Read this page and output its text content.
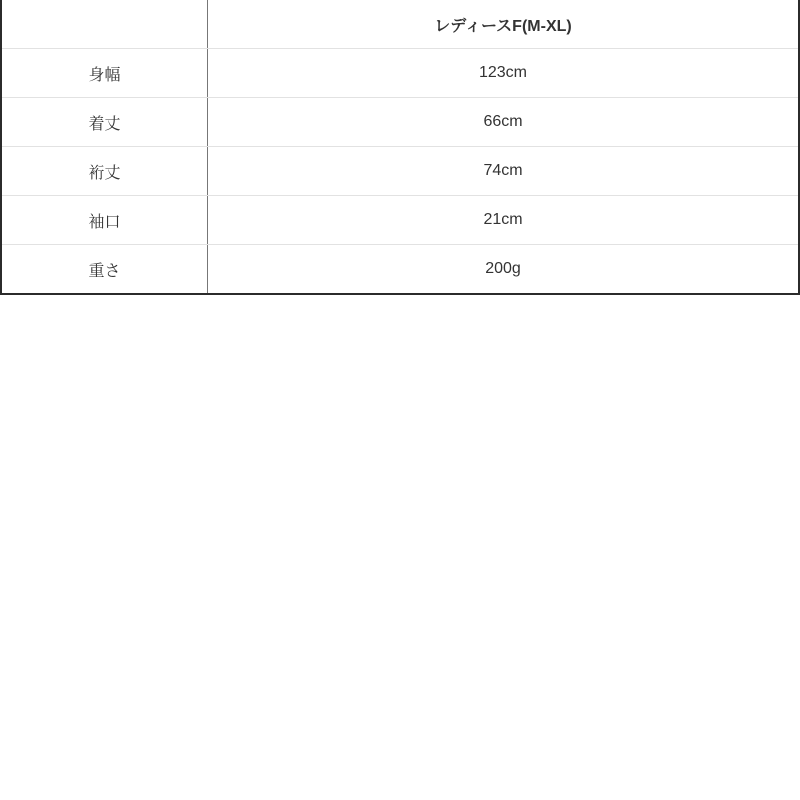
	レディースF(M-XL)
身幅	123cm
着丈	66cm
裄丈	74cm
袖口	21cm
重さ	200g
